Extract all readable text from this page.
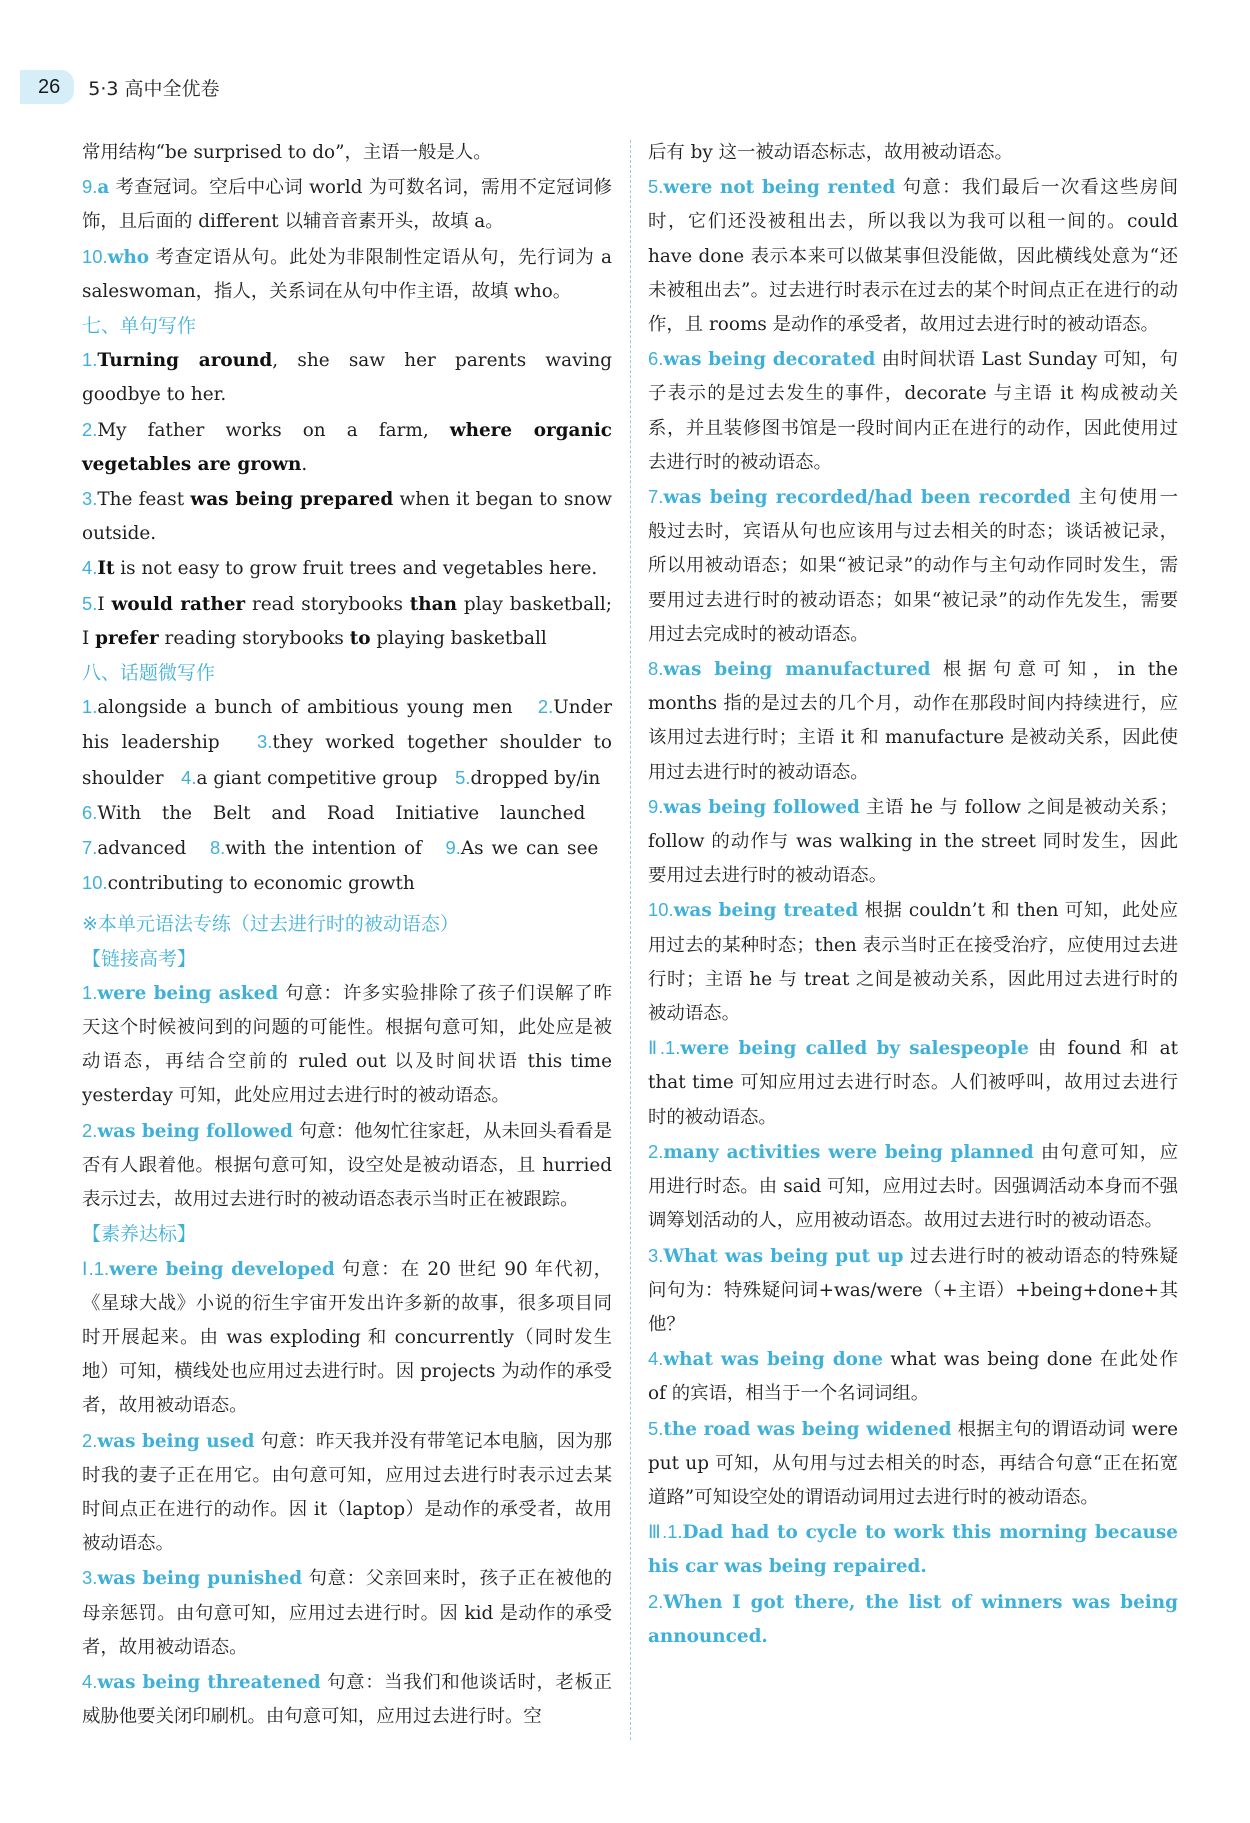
26	5·3 高中全优卷

常用结构“be surprised to do”，主语一般是人。

9.a 考查冠词。空后中心词 world 为可数名词，需用不定冠词修饰，且后面的 different 以辅音音素开头，故填 a。

10.who 考查定语从句。此处为非限制性定语从句，先行词为 a saleswoman，指人，关系词在从句中作主语，故填 who。

七、单句写作

1.Turning around, she saw her parents waving goodbye to her.

2.My father works on a farm, where organic vegetables are grown.

3.The feast was being prepared when it began to snow outside.

4.It is not easy to grow fruit trees and vegetables here.

5.I would rather read storybooks than play basketball; I prefer reading storybooks to playing basketball

八、话题微写作

1.alongside a bunch of ambitious young men 2.Under his leadership 3.they worked together shoulder to shoulder 4.a giant competitive group 5.dropped by/in   6.With the Belt and Road Initiative launched   7.advanced 8.with the intention of 9.As we can see   10.contributing to economic growth

※本单元语法专练（过去进行时的被动语态）

【链接高考】

1.were being asked 句意：许多实验排除了孩子们误解了昨天这个时候被问到的问题的可能性。根据句意可知，此处应是被动语态，再结合空前的 ruled out 以及时间状语 this time yesterday 可知，此处应用过去进行时的被动语态。

2.was being followed 句意：他匆忙往家赶，从未回头看看是否有人跟着他。根据句意可知，设空处是被动语态，且 hurried 表示过去，故用过去进行时的被动语态表示当时正在被跟踪。

【素养达标】

Ⅰ.1.were being developed 句意：在 20 世纪 90 年代初，《星球大战》小说的衍生宇宙开发出许多新的故事，很多项目同时开展起来。由 was exploding 和 concurrently（同时发生地）可知，横线处也应用过去进行时。因 projects 为动作的承受者，故用被动语态。

2.was being used 句意：昨天我并没有带笔记本电脑，因为那时我的妻子正在用它。由句意可知，应用过去进行时表示过去某时间点正在进行的动作。因 it（laptop）是动作的承受者，故用被动语态。

3.was being punished 句意：父亲回来时，孩子正在被他的母亲惩罚。由句意可知，应用过去进行时。因 kid 是动作的承受者，故用被动语态。

4.was being threatened 句意：当我们和他谈话时，老板正威胁他要关闭印刷机。由句意可知，应用过去进行时。空

后有 by 这一被动语态标志，故用被动语态。

5.were not being rented 句意：我们最后一次看这些房间时，它们还没被租出去，所以我以为我可以租一间的。could have done 表示本来可以做某事但没能做，因此横线处意为“还未被租出去”。过去进行时表示在过去的某个时间点正在进行的动作，且 rooms 是动作的承受者，故用过去进行时的被动语态。

6.was being decorated 由时间状语 Last Sunday 可知，句子表示的是过去发生的事件，decorate 与主语 it 构成被动关系，并且装修图书馆是一段时间内正在进行的动作，因此使用过去进行时的被动语态。

7.was being recorded/had been recorded 主句使用一般过去时，宾语从句也应该用与过去相关的时态；谈话被记录，所以用被动语态；如果“被记录”的动作与主句动作同时发生，需要用过去进行时的被动语态；如果“被记录”的动作先发生，需要用过去完成时的被动语态。

8.was being manufactured 根据句意可知，in the months 指的是过去的几个月，动作在那段时间内持续进行，应该用过去进行时；主语 it 和 manufacture 是被动关系，因此使用过去进行时的被动语态。

9.was being followed 主语 he 与 follow 之间是被动关系；follow 的动作与 was walking in the street 同时发生，因此要用过去进行时的被动语态。

10.was being treated 根据 couldn’t 和 then 可知，此处应用过去的某种时态；then 表示当时正在接受治疗，应使用过去进行时；主语 he 与 treat 之间是被动关系，因此用过去进行时的被动语态。

Ⅱ.1.were being called by salespeople 由 found 和 at that time 可知应用过去进行时态。人们被呼叫，故用过去进行时的被动语态。

2.many activities were being planned 由句意可知，应用进行时态。由 said 可知，应用过去时。因强调活动本身而不强调筹划活动的人，应用被动语态。故用过去进行时的被动语态。

3.What was being put up 过去进行时的被动语态的特殊疑问句为：特殊疑问词+was/were（+主语）+being+done+其他？

4.what was being done what was being done 在此处作 of 的宾语，相当于一个名词词组。

5.the road was being widened 根据主句的谓语动词 were put up 可知，从句用与过去相关的时态，再结合句意“正在拓宽道路”可知设空处的谓语动词用过去进行时的被动语态。

Ⅲ.1.Dad had to cycle to work this morning because his car was being repaired.

2.When I got there, the list of winners was being announced.
